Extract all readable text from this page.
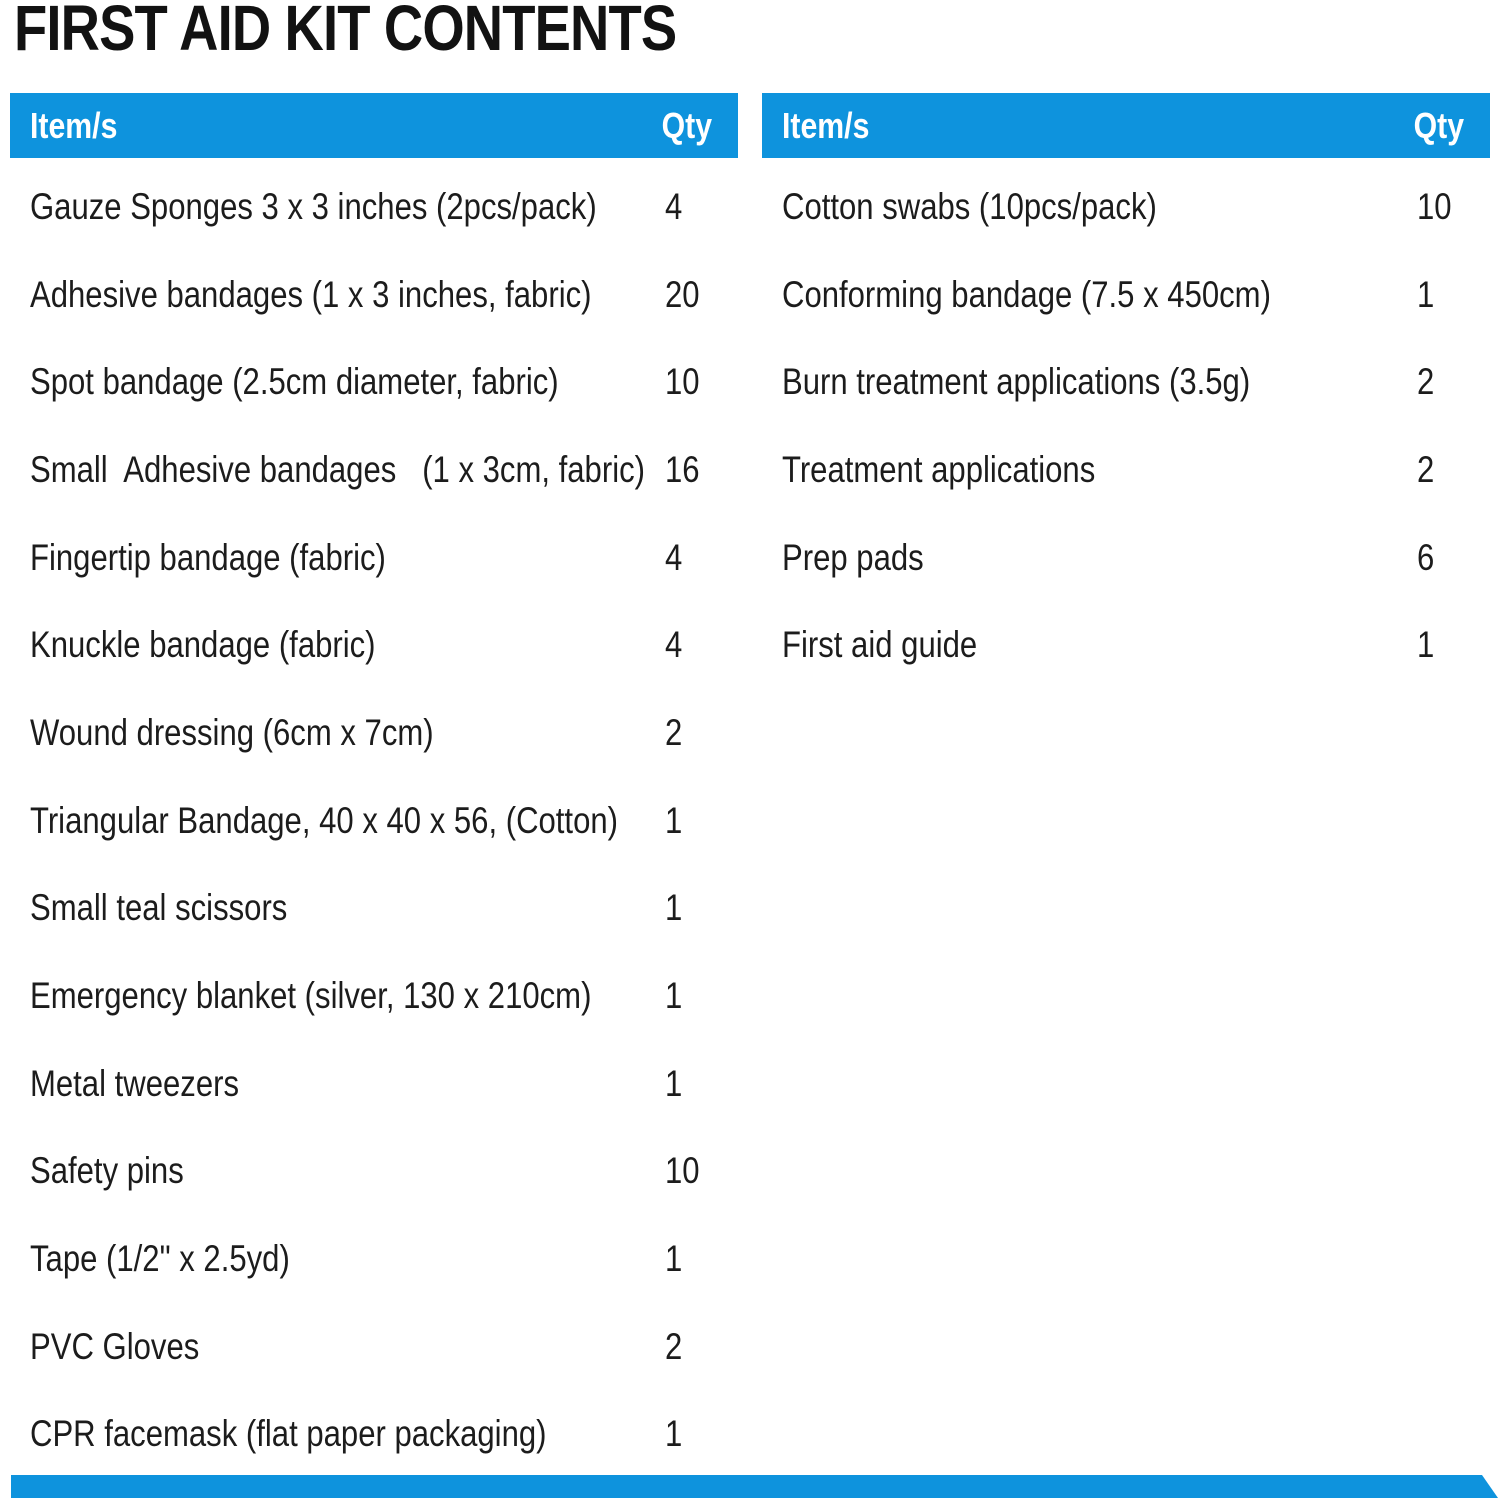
FIRST AID KIT CONTENTS
Item/s	Qty
Gauze Sponges 3 x 3 inches (2pcs/pack) 4
Adhesive bandages (1 x 3 inches, fabric) 20
Spot bandage (2.5cm diameter, fabric)	10
Small  Adhesive bandages   (1 x 3cm, fabric) 16
Fingertip bandage (fabric)	4
Knuckle bandage (fabric)	4
Wound dressing (6cm x 7cm)	2
Triangular Bandage, 40 x 40 x 56, (Cotton) 1
Small teal scissors	1
Emergency blanket (silver, 130 x 210cm) 1
Metal tweezers	1
Safety pins	10
Tape (1/2" x 2.5yd)	1
PVC Gloves	2
CPR facemask (flat paper packaging)	1
Item/s	Qty
Cotton swabs (10pcs/pack)	10
Conforming bandage (7.5 x 450cm)	1
Burn treatment applications (3.5g)	2
Treatment applications	2
Prep pads	6
First aid guide	1
